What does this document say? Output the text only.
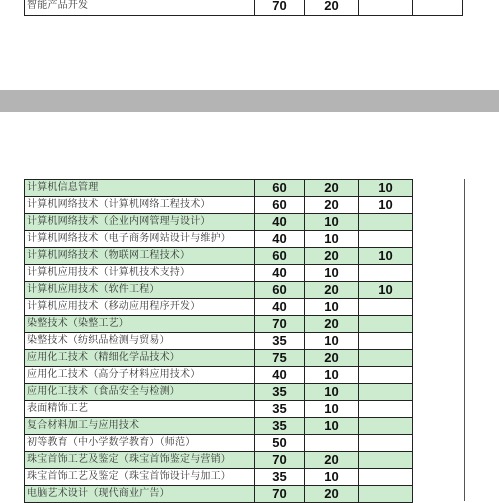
智能产品开发	70	20		
计算机信息管理	60	20	10
计算机网络技术（计算机网络工程技术）	60	20	10
计算机网络技术（企业内网管理与设计）	40	10	
计算机网络技术（电子商务网站设计与维护）	40	10	
计算机网络技术（物联网工程技术）	60	20	10
计算机应用技术（计算机技术支持）	40	10	
计算机应用技术（软件工程）	60	20	10
计算机应用技术（移动应用程序开发）	40	10	
染整技术（染整工艺）	70	20	
染整技术（纺织品检测与贸易）	35	10	
应用化工技术（精细化学品技术）	75	20	
应用化工技术（高分子材料应用技术）	40	10	
应用化工技术（食品安全与检测）	35	10	
表面精饰工艺	35	10	
复合材料加工与应用技术	35	10	
初等教育（中小学数学教育）（师范）	50		
珠宝首饰工艺及鉴定（珠宝首饰鉴定与营销）	70	20	
珠宝首饰工艺及鉴定（珠宝首饰设计与加工）	35	10	
电脑艺术设计（现代商业广告）	70	20	
